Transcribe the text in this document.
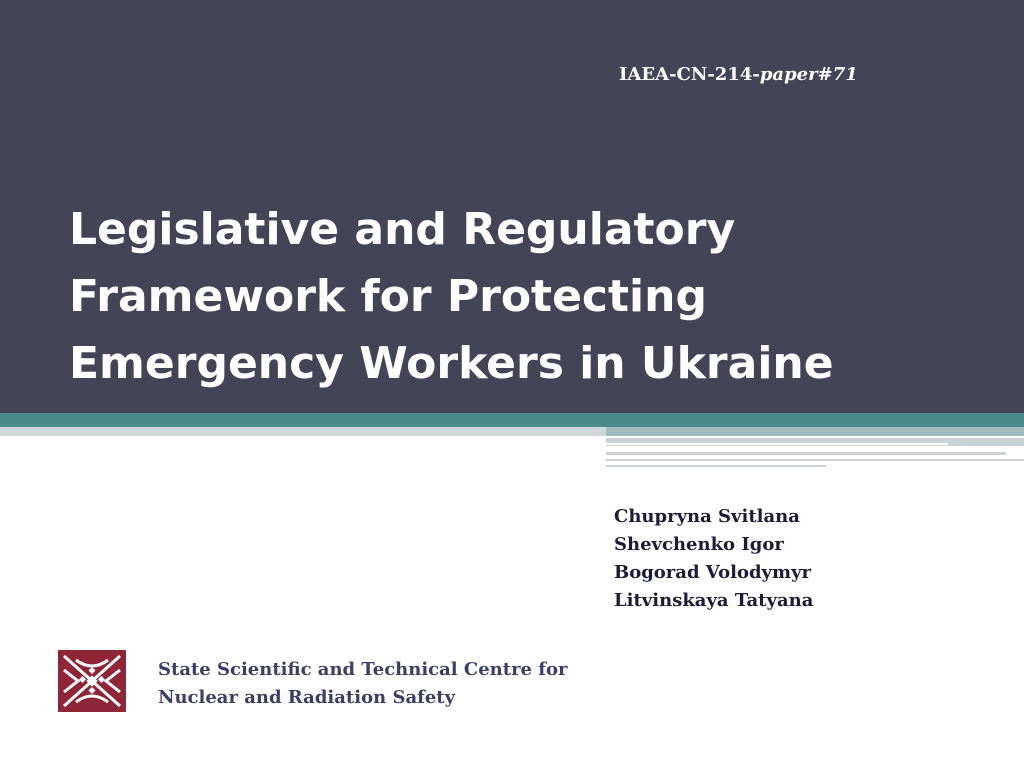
IAEA-CN-214-paper#71
Legislative and Regulatory
Framework for Protecting
Emergency Workers in Ukraine
Chupryna Svitlana
Shevchenko Igor
Bogorad Volodymyr
Litvinskaya Tatyana
State Scientific and Technical Centre for
Nuclear and Radiation Safety
